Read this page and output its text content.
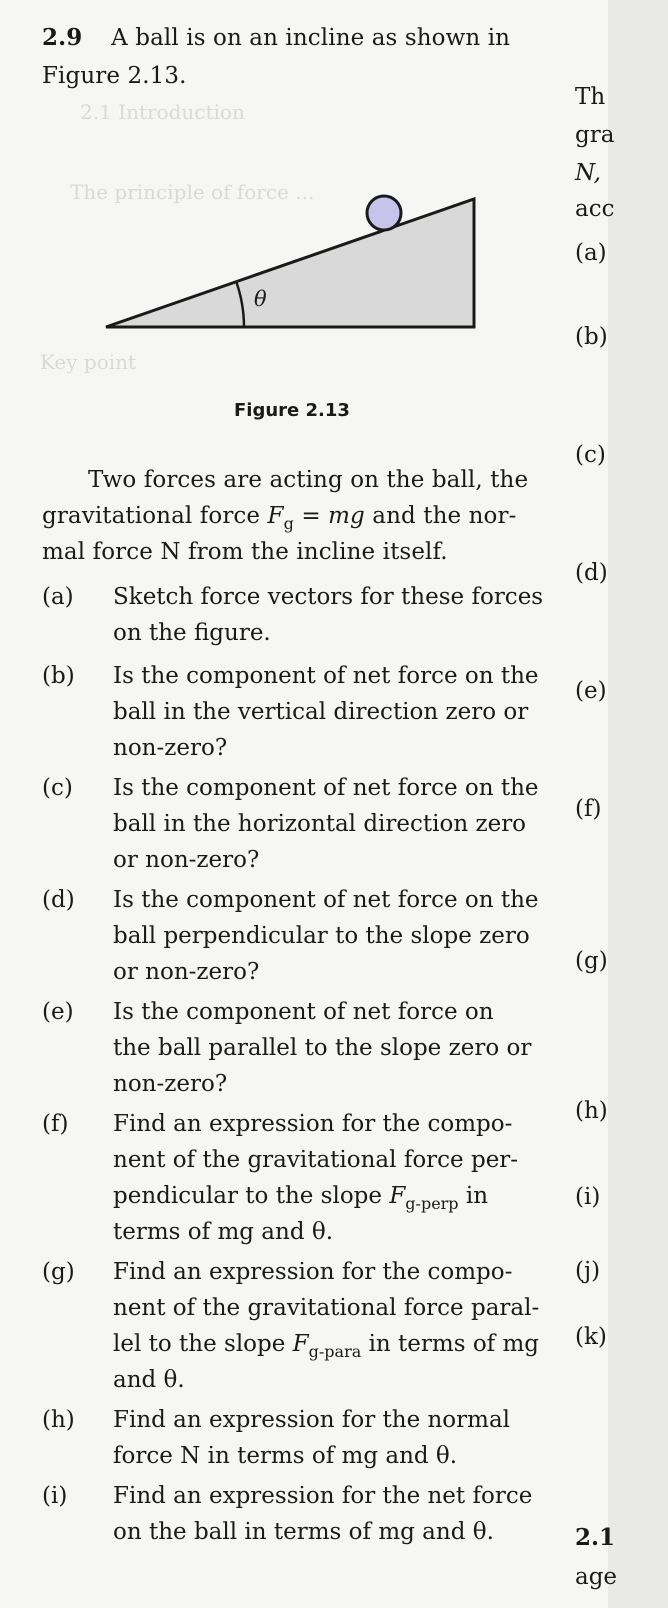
2.1 Introduction
The principle of force ...
Key point
2.9 A ball is on an incline as shown in
Figure 2.13.
θ
Figure 2.13
Two forces are acting on the ball, the
gravitational force $F_g$ = mg and the nor-
mal force N from the incline itself.
(a) Sketch force vectors for these forces
on the figure.
(b) Is the component of net force on the
ball in the vertical direction zero or
non-zero?
(c) Is the component of net force on the
ball in the horizontal direction zero
or non-zero?
(d) Is the component of net force on the
ball perpendicular to the slope zero
or non-zero?
(e) Is the component of net force on
the ball parallel to the slope zero or
non-zero?
(f) Find an expression for the compo-
nent of the gravitational force per-
pendicular to the slope $F_{g-perp}$ in
terms of mg and θ.
(g) Find an expression for the compo-
nent of the gravitational force paral-
lel to the slope $F_{g-para}$ in terms of mg
and θ.
(h) Find an expression for the normal
force N in terms of mg and θ.
(i) Find an expression for the net force
on the ball in terms of mg and θ.
Th
gra
N,
acc
(a)
(b)
(c)
(d)
(e)
(f)
(g)
(h)
(i)
(j)
(k)
2.1
age
